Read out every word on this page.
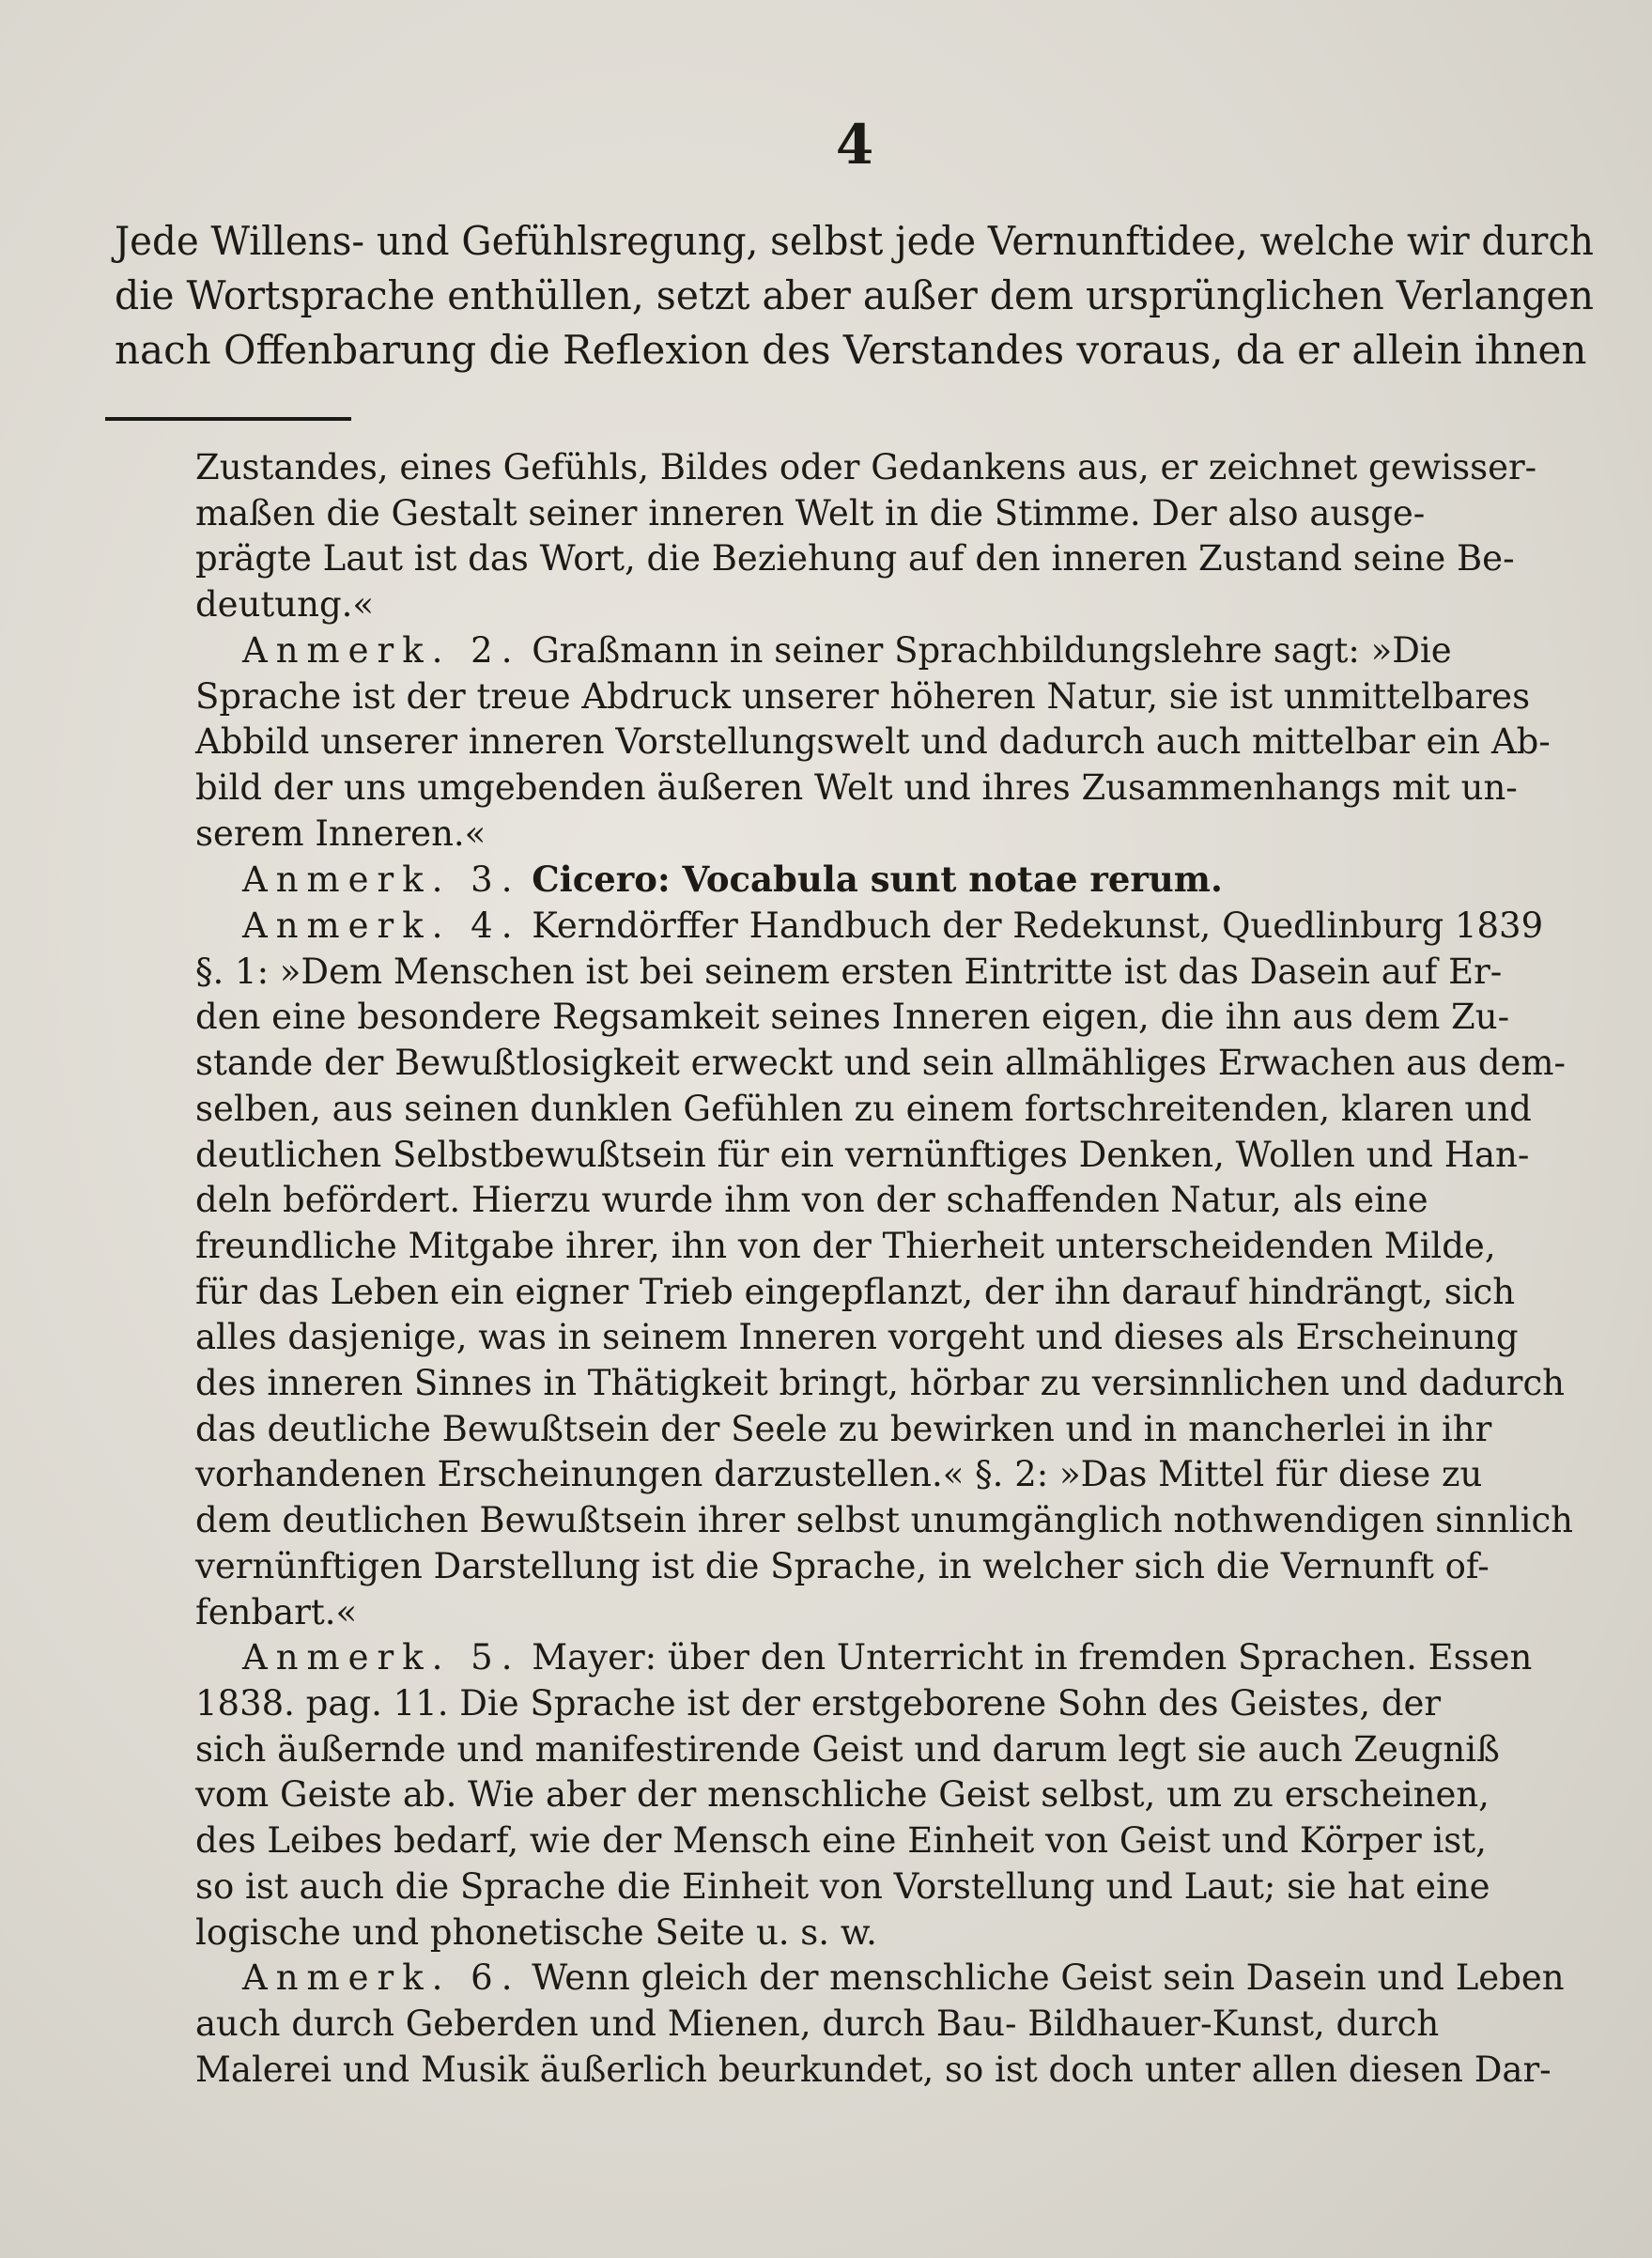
4
Jede Willens- und Gefühlsregung, selbst jede Vernunftidee, welche wir durch
die Wortsprache enthüllen, setzt aber außer dem ursprünglichen Verlangen
nach Offenbarung die Reflexion des Verstandes voraus, da er allein ihnen
Zustandes, eines Gefühls, Bildes oder Gedankens aus, er zeichnet gewisser-
maßen die Gestalt seiner inneren Welt in die Stimme. Der also ausge-
prägte Laut ist das Wort, die Beziehung auf den inneren Zustand seine Be-
deutung.«
Anmerk. 2. Graßmann in seiner Sprachbildungslehre sagt: »Die
Sprache ist der treue Abdruck unserer höheren Natur, sie ist unmittelbares
Abbild unserer inneren Vorstellungswelt und dadurch auch mittelbar ein Ab-
bild der uns umgebenden äußeren Welt und ihres Zusammenhangs mit un-
serem Inneren.«
Anmerk. 3. Cicero: Vocabula sunt notae rerum.
Anmerk. 4. Kerndörffer Handbuch der Redekunst, Quedlinburg 1839
§. 1: »Dem Menschen ist bei seinem ersten Eintritte ist das Dasein auf Er-
den eine besondere Regsamkeit seines Inneren eigen, die ihn aus dem Zu-
stande der Bewußtlosigkeit erweckt und sein allmähliges Erwachen aus dem-
selben, aus seinen dunklen Gefühlen zu einem fortschreitenden, klaren und
deutlichen Selbstbewußtsein für ein vernünftiges Denken, Wollen und Han-
deln befördert. Hierzu wurde ihm von der schaffenden Natur, als eine
freundliche Mitgabe ihrer, ihn von der Thierheit unterscheidenden Milde,
für das Leben ein eigner Trieb eingepflanzt, der ihn darauf hindrängt, sich
alles dasjenige, was in seinem Inneren vorgeht und dieses als Erscheinung
des inneren Sinnes in Thätigkeit bringt, hörbar zu versinnlichen und dadurch
das deutliche Bewußtsein der Seele zu bewirken und in mancherlei in ihr
vorhandenen Erscheinungen darzustellen.« §. 2: »Das Mittel für diese zu
dem deutlichen Bewußtsein ihrer selbst unumgänglich nothwendigen sinnlich
vernünftigen Darstellung ist die Sprache, in welcher sich die Vernunft of-
fenbart.«
Anmerk. 5. Mayer: über den Unterricht in fremden Sprachen. Essen
1838. pag. 11. Die Sprache ist der erstgeborene Sohn des Geistes, der
sich äußernde und manifestirende Geist und darum legt sie auch Zeugniß
vom Geiste ab. Wie aber der menschliche Geist selbst, um zu erscheinen,
des Leibes bedarf, wie der Mensch eine Einheit von Geist und Körper ist,
so ist auch die Sprache die Einheit von Vorstellung und Laut; sie hat eine
logische und phonetische Seite u. s. w.
Anmerk. 6. Wenn gleich der menschliche Geist sein Dasein und Leben
auch durch Geberden und Mienen, durch Bau- Bildhauer-Kunst, durch
Malerei und Musik äußerlich beurkundet, so ist doch unter allen diesen Dar-
